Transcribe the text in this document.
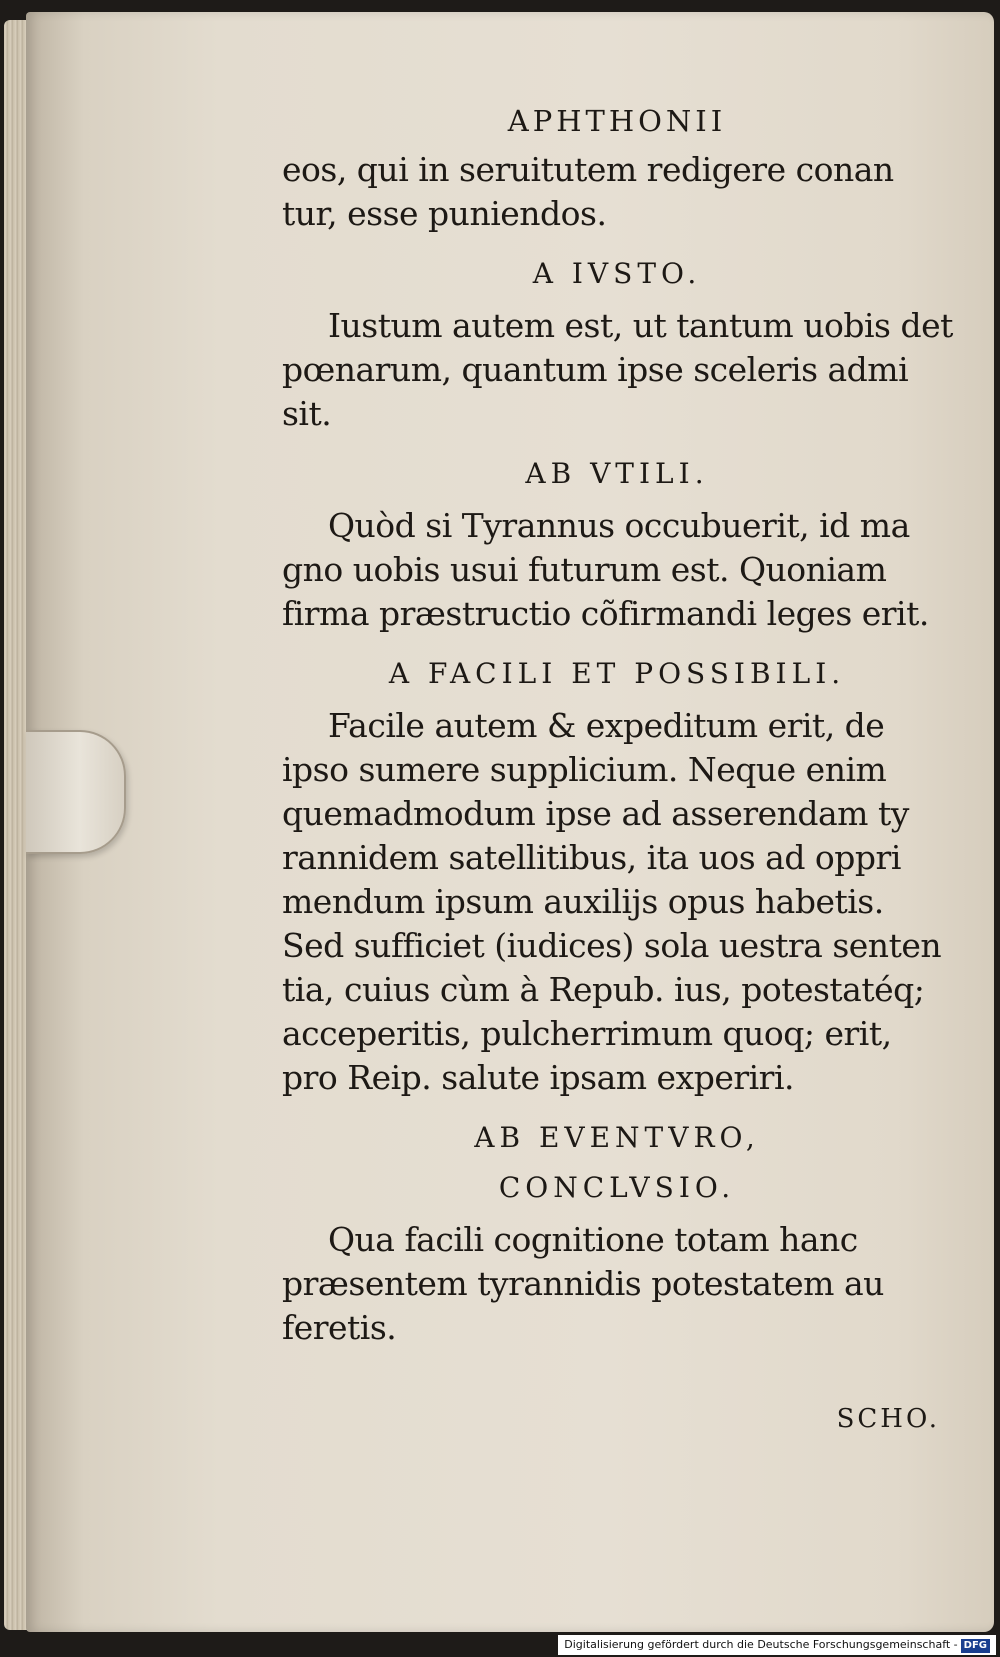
APHTHONII
eos, qui in seruitutem redigere conan
tur, esse puniendos.
A IVSTO.
Iustum autem est, ut tantum uobis det
pœnarum, quantum ipse sceleris admi
sit.
AB VTILI.
Quòd si Tyrannus occubuerit, id ma
gno uobis usui futurum est. Quoniam
firma præstructio cõfirmandi leges erit.
A FACILI ET POSSIBILI.
Facile autem & expeditum erit, de
ipso sumere supplicium. Neque enim
quemadmodum ipse ad asserendam ty
rannidem satellitibus, ita uos ad oppri
mendum ipsum auxilijs opus habetis.
Sed sufficiet (iudices) sola uestra senten
tia, cuius cùm à Repub. ius, potestatéq;
acceperitis, pulcherrimum quoq; erit,
pro Reip. salute ipsam experiri.
AB EVENTVRO,
CONCLVSIO.
Qua facili cognitione totam hanc
præsentem tyrannidis potestatem au
feretis.
SCHO.
Digitalisierung gefördert durch die Deutsche Forschungsgemeinschaft - DFG
